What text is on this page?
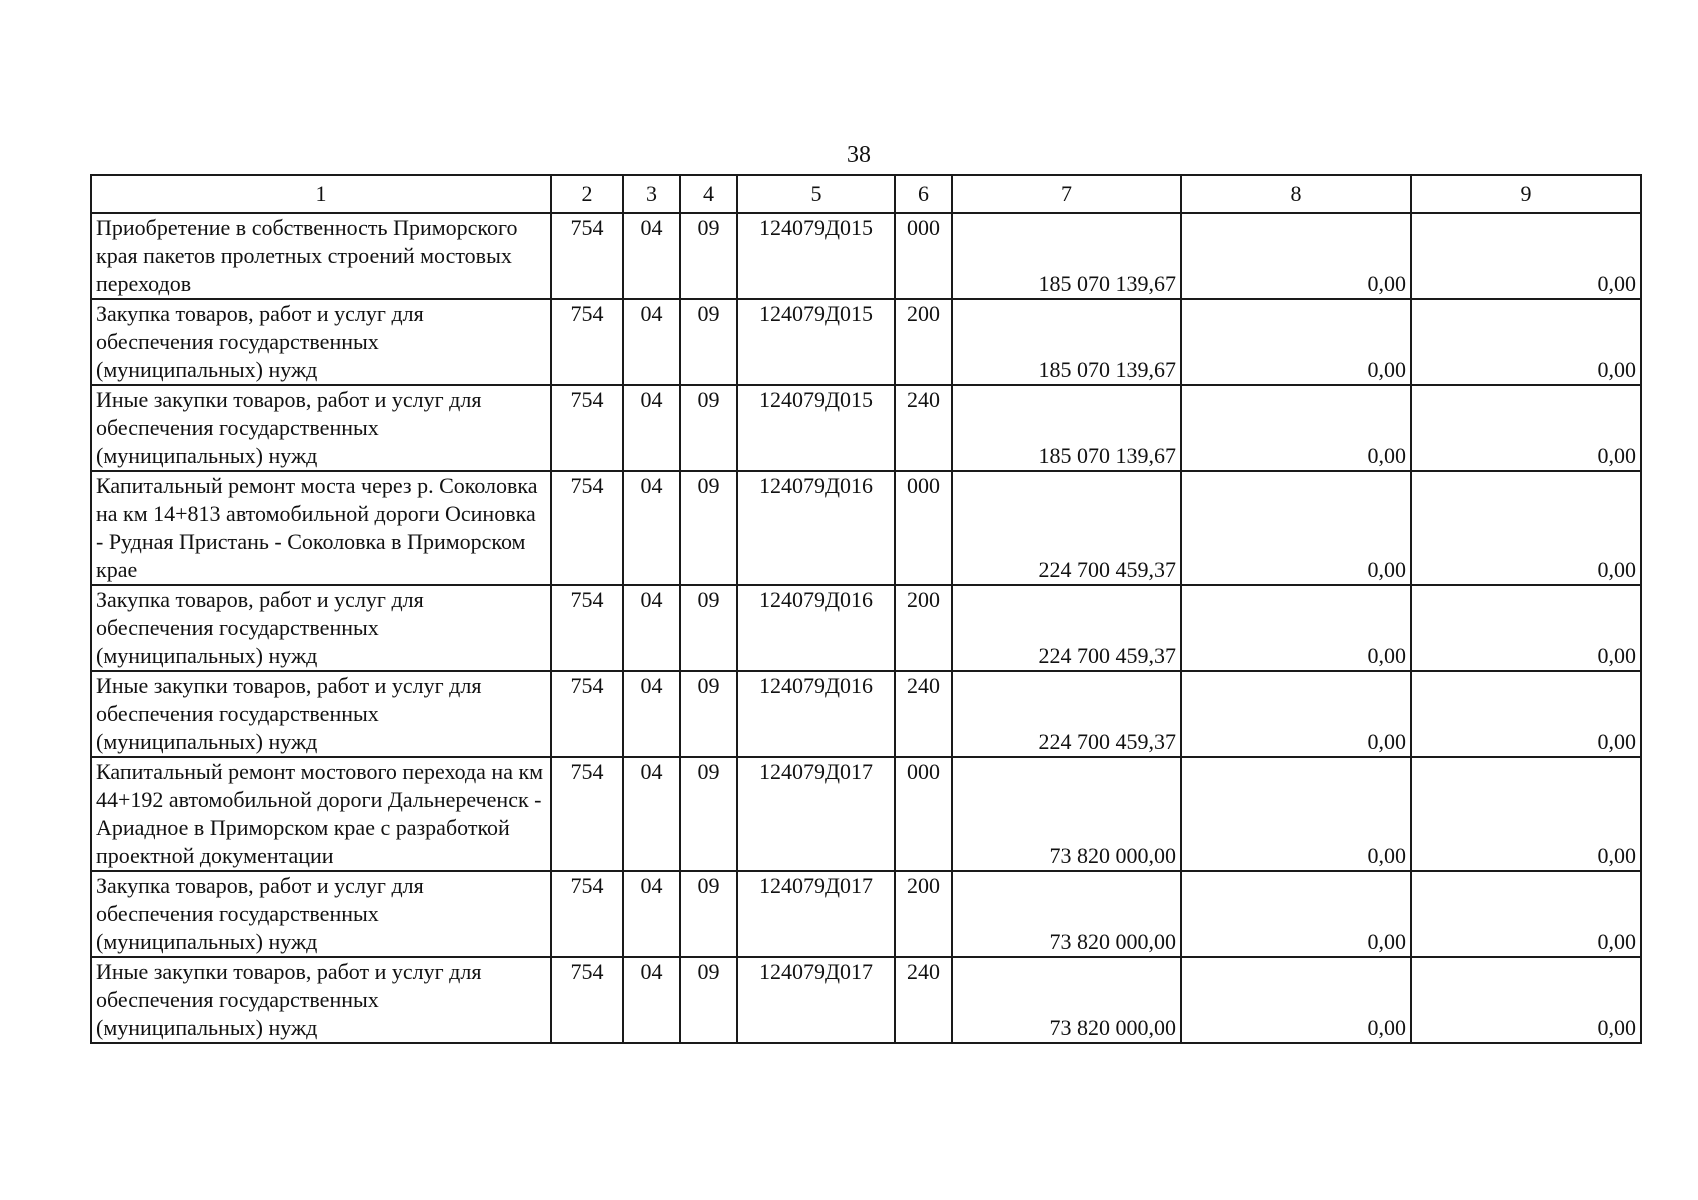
38
1	2	3	4	5	6	7	8	9
Приобретение в собственность Приморского края пакетов пролетных строений мостовых переходов	754	04	09	124079Д015	000	185 070 139,67	0,00	0,00
Закупка товаров, работ и услуг для обеспечения государственных (муниципальных) нужд	754	04	09	124079Д015	200	185 070 139,67	0,00	0,00
Иные закупки товаров, работ и услуг для обеспечения государственных (муниципальных) нужд	754	04	09	124079Д015	240	185 070 139,67	0,00	0,00
Капитальный ремонт моста через р. Соколовка на км 14+813 автомобильной дороги Осиновка - Рудная Пристань - Соколовка в Приморском крае	754	04	09	124079Д016	000	224 700 459,37	0,00	0,00
Закупка товаров, работ и услуг для обеспечения государственных (муниципальных) нужд	754	04	09	124079Д016	200	224 700 459,37	0,00	0,00
Иные закупки товаров, работ и услуг для обеспечения государственных (муниципальных) нужд	754	04	09	124079Д016	240	224 700 459,37	0,00	0,00
Капитальный ремонт мостового перехода на км 44+192 автомобильной дороги Дальнереченск - Ариадное в Приморском крае с разработкой проектной документации	754	04	09	124079Д017	000	73 820 000,00	0,00	0,00
Закупка товаров, работ и услуг для обеспечения государственных (муниципальных) нужд	754	04	09	124079Д017	200	73 820 000,00	0,00	0,00
Иные закупки товаров, работ и услуг для обеспечения государственных (муниципальных) нужд	754	04	09	124079Д017	240	73 820 000,00	0,00	0,00
